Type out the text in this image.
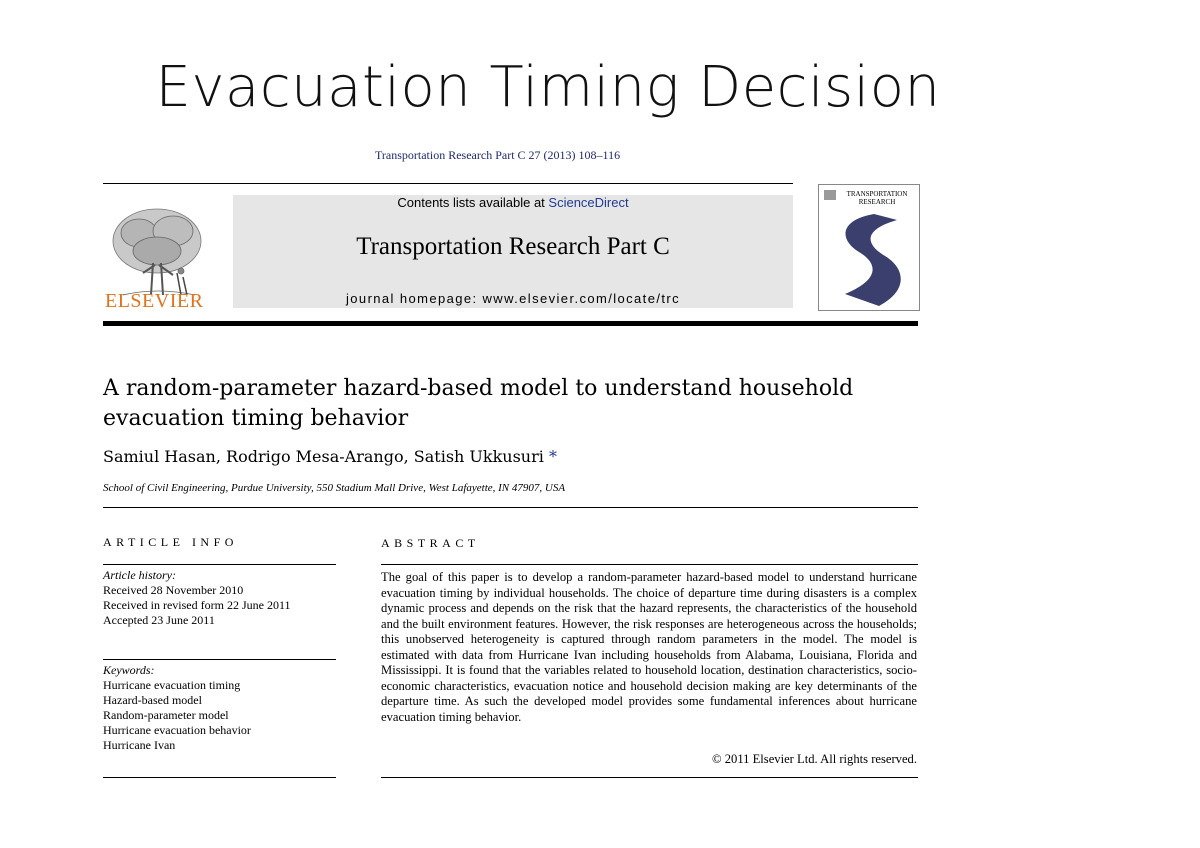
Evacuation Timing Decision
Transportation Research Part C 27 (2013) 108–116
ELSEVIER
Contents lists available at ScienceDirect
Transportation Research Part C
journal homepage: www.elsevier.com/locate/trc
TRANSPORTATION
RESEARCH
A random-parameter hazard-based model to understand household
evacuation timing behavior
Samiul Hasan, Rodrigo Mesa-Arango, Satish Ukkusuri *
School of Civil Engineering, Purdue University, 550 Stadium Mall Drive, West Lafayette, IN 47907, USA
ARTICLE INFO	ABSTRACT
Article history:
Received 28 November 2010
Received in revised form 22 June 2011
Accepted 23 June 2011
Keywords:
Hurricane evacuation timing
Hazard-based model
Random-parameter model
Hurricane evacuation behavior
Hurricane Ivan

The goal of this paper is to develop a random-parameter hazard-based model to understand hurricane evacuation timing by individual households. The choice of departure time during disasters is a complex dynamic process and depends on the risk that the hazard represents, the characteristics of the household and the built environment features. However, the risk responses are heterogeneous across the households; this unobserved heterogeneity is captured through random parameters in the model. The model is estimated with data from Hurricane Ivan including households from Alabama, Louisiana, Florida and Mississippi. It is found that the variables related to household location, destination characteristics, socio-economic characteristics, evacuation notice and household decision making are key determinants of the departure time. As such the developed model provides some fundamental inferences about hurricane evacuation timing behavior.

© 2011 Elsevier Ltd. All rights reserved.
